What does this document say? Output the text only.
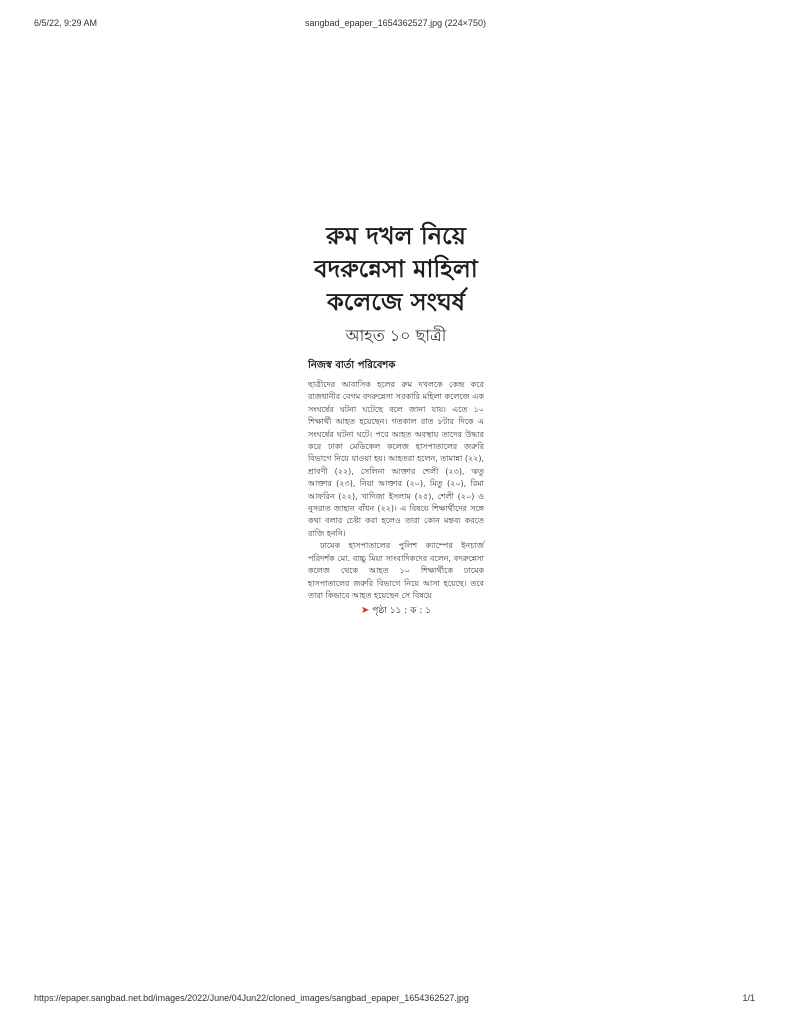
6/5/22, 9:29 AM	sangbad_epaper_1654362527.jpg (224×750)
রুম দখল নিয়ে
বদরুন্নেসা মাহিলা
কলেজে সংঘর্ষ
আহত ১০ ছাত্রী
নিজস্ব বার্তা পরিবেশক

ছাত্রীদের আবাসিক হলের রুম দখলকে কেন্দ্র করে রাজধানীর বেগম বদরুন্নেসা সরকারি মহিলা কলেজে এক সংঘর্ষের ঘটনা ঘটেছে বলে জানা যায়। এতে ১০ শিক্ষার্থী আহত হয়েছেন। গতকাল রাত ৮টার দিকে এ সংঘর্ষের ঘটনা ঘটে। পরে আহত অবস্থায় তাদের উদ্ধার করে ঢাকা মেডিকেল কলেজ হাসপাতালের জরুরি বিভাগে নিয়ে যাওয়া হয়। আহতরা হলেন, তামান্না (২২), শ্রাবণী (২২), সেলিনা আক্তার শেলী (২৩), ঋতু আক্তার (২৩), নিয়া আক্তার (২০), মিতু (২০), রিমা আফরিন (২২), খাদিজা ইসলাম (২৫), শেলী (২০) ও নুসরাত জাহান বাঁধন (২২)। এ বিষয়ে শিক্ষার্থীদের সঙ্গে কথা বলার চেষ্টা করা হলেও তারা কোন মন্তব্য করতে রাজি হননি।

ঢামেক হাসপাতালের পুলিশ ক্যাম্পের ইনচার্জ পরিদর্শক মো. বাচ্চু মিয়া সাংবাদিকদের বলেন, বদরুন্নেসা কলেজ থেকে আহত ১০ শিক্ষার্থীকে ঢামেক হাসপাতালের জরুরি বিভাগে নিয়ে আসা হয়েছে। তবে তারা কিভাবে আহত হয়েছেন সে বিষয়ে

➤ পৃষ্ঠা ১১ : ক : ১
https://epaper.sangbad.net.bd/images/2022/June/04Jun22/cloned_images/sangbad_epaper_1654362527.jpg	1/1
